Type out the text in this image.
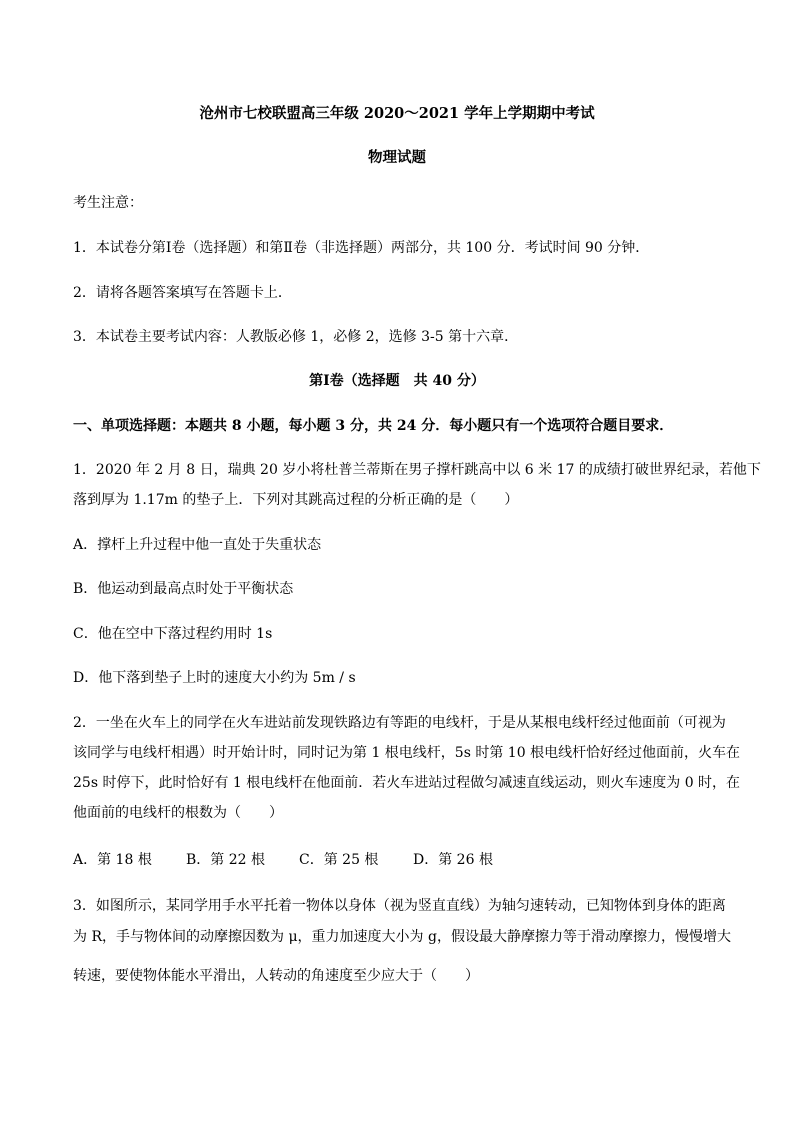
沧州市七校联盟高三年级 2020～2021 学年上学期期中考试
物理试题
考生注意：
1．本试卷分第Ⅰ卷（选择题）和第Ⅱ卷（非选择题）两部分，共 100 分．考试时间 90 分钟．
2．请将各题答案填写在答题卡上．
3．本试卷主要考试内容：人教版必修 1，必修 2，选修 3-5 第十六章．
第Ⅰ卷（选择题　共 40 分）
一、单项选择题：本题共 8 小题，每小题 3 分，共 24 分．每小题只有一个选项符合题目要求．
1．2020 年 2 月 8 日，瑞典 20 岁小将杜普兰蒂斯在男子撑杆跳高中以 6 米 17 的成绩打破世界纪录，若他下
落到厚为 1.17m 的垫子上．下列对其跳高过程的分析正确的是（　　）
A．撑杆上升过程中他一直处于失重状态
B．他运动到最高点时处于平衡状态
C．他在空中下落过程约用时 1s
D．他下落到垫子上时的速度大小约为 5m / s
2．一坐在火车上的同学在火车进站前发现铁路边有等距的电线杆，于是从某根电线杆经过他面前（可视为
该同学与电线杆相遇）时开始计时，同时记为第 1 根电线杆，5s 时第 10 根电线杆恰好经过他面前，火车在
25s 时停下，此时恰好有 1 根电线杆在他面前．若火车进站过程做匀减速直线运动，则火车速度为 0 时，在
他面前的电线杆的根数为（　　）
A．第 18 根 B．第 22 根 C．第 25 根 D．第 26 根
3．如图所示，某同学用手水平托着一物体以身体（视为竖直直线）为轴匀速转动，已知物体到身体的距离
为 R，手与物体间的动摩擦因数为 μ，重力加速度大小为 g，假设最大静摩擦力等于滑动摩擦力，慢慢增大
转速，要使物体能水平滑出，人转动的角速度至少应大于（　　）
